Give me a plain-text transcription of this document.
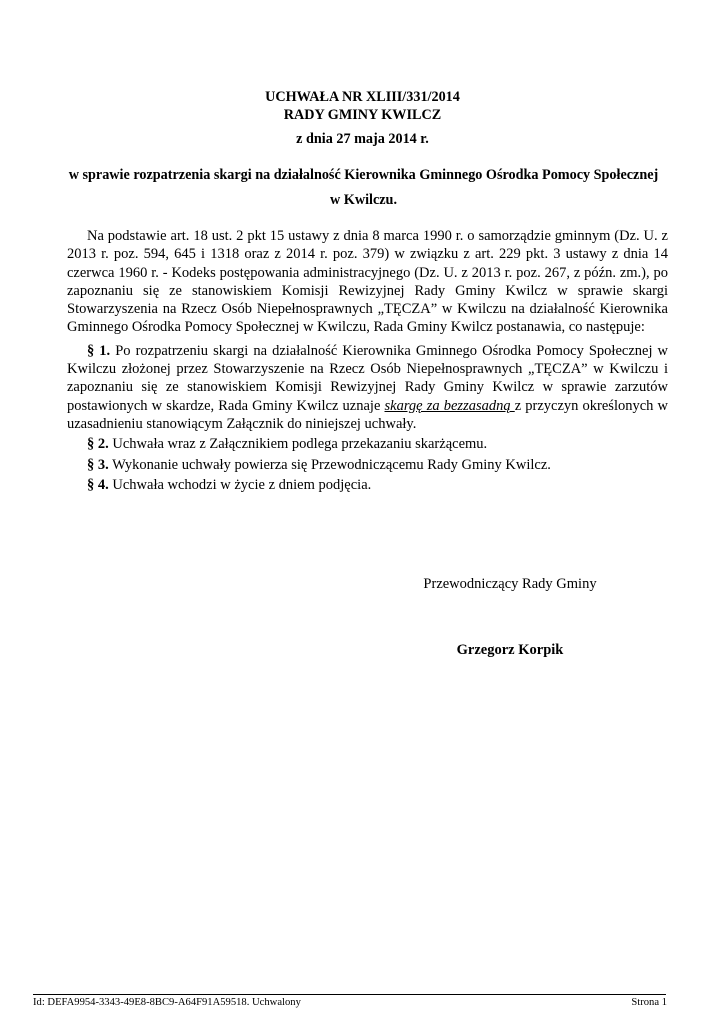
UCHWAŁA NR XLIII/331/2014
RADY GMINY KWILCZ
z dnia 27 maja 2014 r.
w sprawie rozpatrzenia skargi na działalność Kierownika Gminnego Ośrodka Pomocy Społecznej w Kwilczu.

Na podstawie art. 18 ust. 2 pkt 15 ustawy z dnia 8 marca 1990 r. o samorządzie gminnym (Dz. U. z 2013 r. poz. 594, 645 i 1318 oraz z 2014 r. poz. 379) w związku z art. 229 pkt. 3 ustawy z dnia 14 czerwca 1960 r. - Kodeks postępowania administracyjnego (Dz. U. z 2013 r. poz. 267, z późn. zm.), po zapoznaniu się ze stanowiskiem Komisji Rewizyjnej Rady Gminy Kwilcz w sprawie skargi Stowarzyszenia na Rzecz Osób Niepełnosprawnych „TĘCZA” w Kwilczu na działalność Kierownika Gminnego Ośrodka Pomocy Społecznej w Kwilczu, Rada Gminy Kwilcz postanawia, co następuje:

§ 1. Po rozpatrzeniu skargi na działalność Kierownika Gminnego Ośrodka Pomocy Społecznej w Kwilczu złożonej przez Stowarzyszenie na Rzecz Osób Niepełnosprawnych „TĘCZA” w Kwilczu i zapoznaniu się ze stanowiskiem Komisji Rewizyjnej Rady Gminy Kwilcz w sprawie zarzutów postawionych w skardze, Rada Gminy Kwilcz uznaje skargę za bezzasadną z przyczyn określonych w uzasadnieniu stanowiącym Załącznik do niniejszej uchwały.

§ 2. Uchwała wraz z Załącznikiem podlega przekazaniu skarżącemu.

§ 3. Wykonanie uchwały powierza się Przewodniczącemu Rady Gminy Kwilcz.

§ 4. Uchwała wchodzi w życie z dniem podjęcia.

Przewodniczący Rady Gminy
Grzegorz Korpik
Id: DEFA9954-3343-49E8-8BC9-A64F91A59518. Uchwalony	Strona 1
